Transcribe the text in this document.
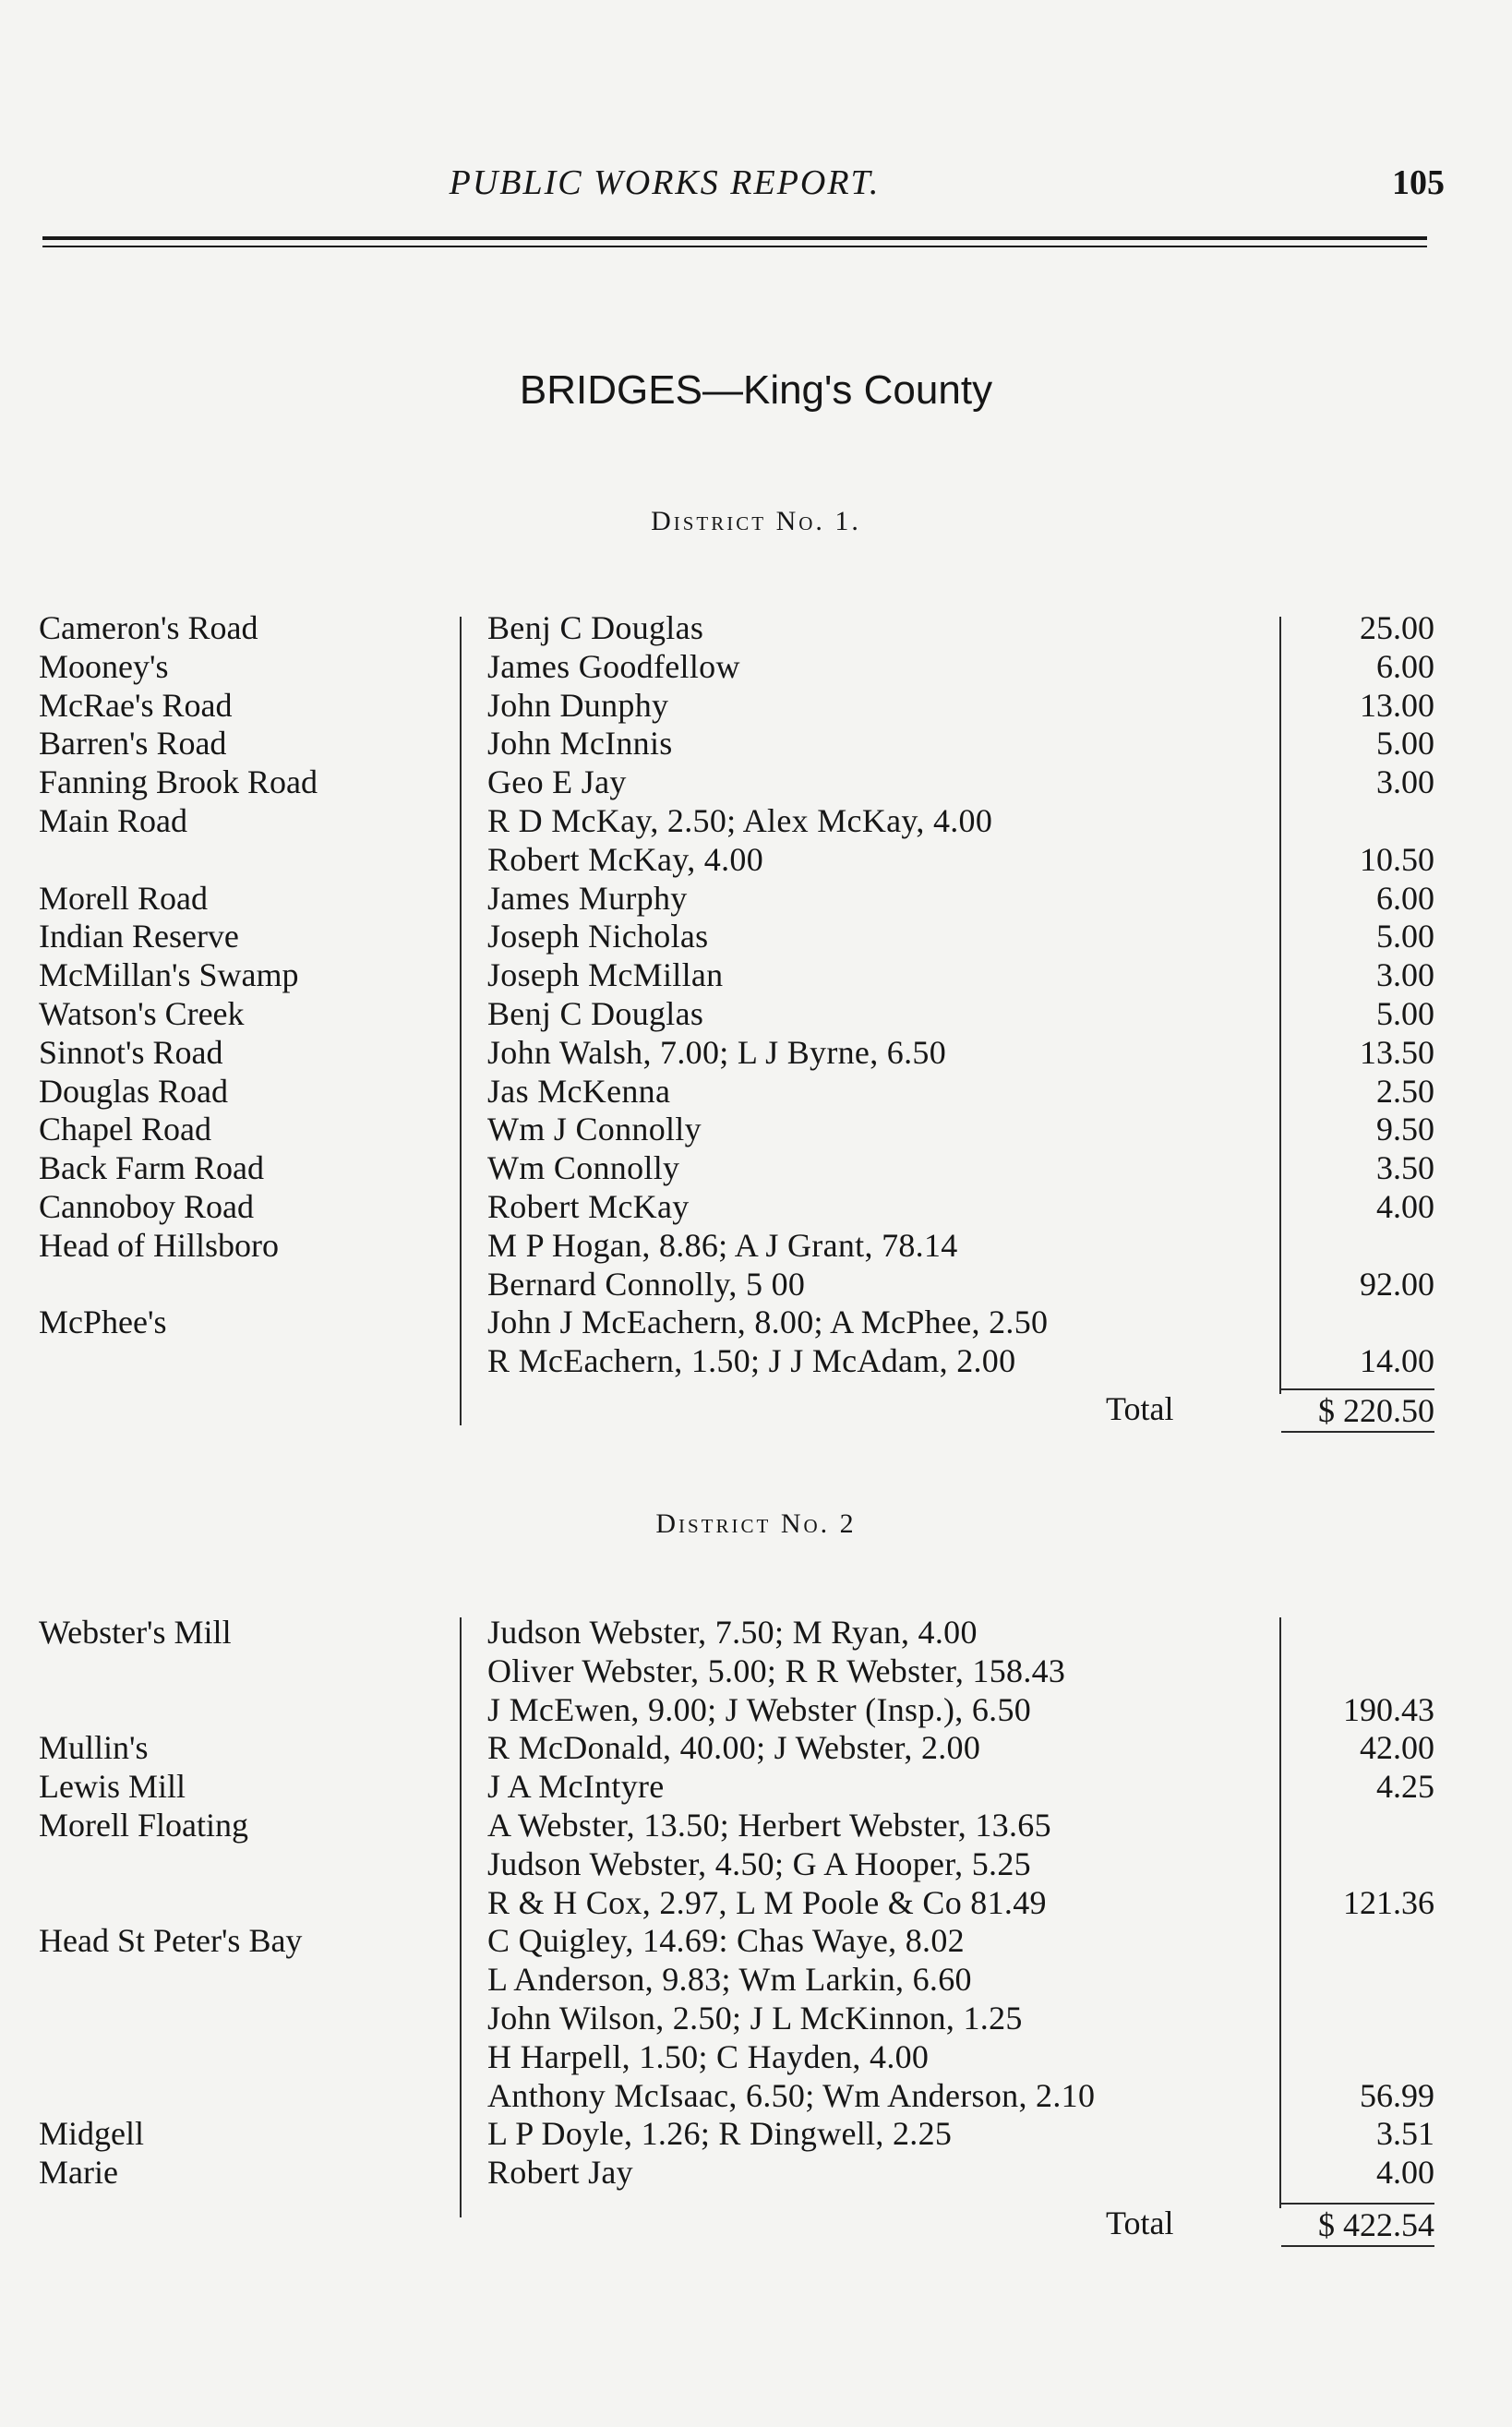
PUBLIC WORKS REPORT.	105
BRIDGES—King's County
District No. 1.
Cameron's Road	Benj C Douglas	25.00
Mooney's	James Goodfellow	6.00
McRae's Road	John Dunphy	13.00
Barren's Road	John McInnis	5.00
Fanning Brook Road	Geo E Jay	3.00
Main Road	R D McKay, 2.50; Alex McKay, 4.00
Robert McKay, 4.00	10.50
Morell Road	James Murphy	6.00
Indian Reserve	Joseph Nicholas	5.00
McMillan's Swamp	Joseph McMillan	3.00
Watson's Creek	Benj C Douglas	5.00
Sinnot's Road	John Walsh, 7.00; L J Byrne, 6.50	13.50
Douglas Road	Jas McKenna	2.50
Chapel Road	Wm J Connolly	9.50
Back Farm Road	Wm Connolly	3.50
Cannoboy Road	Robert McKay	4.00
Head of Hillsboro	M P Hogan, 8.86; A J Grant, 78.14
Bernard Connolly, 5 00	92.00
McPhee's	John J McEachern, 8.00; A McPhee, 2.50
R McEachern, 1.50; J J McAdam, 2.00	14.00
Total	$ 220.50
District No. 2
Webster's Mill	Judson Webster, 7.50; M Ryan, 4.00
Oliver Webster, 5.00; R R Webster, 158.43
J McEwen, 9.00; J Webster (Insp.), 6.50	190.43
Mullin's	R McDonald, 40.00; J Webster, 2.00	42.00
Lewis Mill	J A McIntyre	4.25
Morell Floating	A Webster, 13.50; Herbert Webster, 13.65
Judson Webster, 4.50; G A Hooper, 5.25
R & H Cox, 2.97, L M Poole & Co 81.49	121.36
Head St Peter's Bay	C Quigley, 14.69: Chas Waye, 8.02
L Anderson, 9.83; Wm Larkin, 6.60
John Wilson, 2.50; J L McKinnon, 1.25
H Harpell, 1.50; C Hayden, 4.00
Anthony McIsaac, 6.50; Wm Anderson, 2.10	56.99
Midgell	L P Doyle, 1.26; R Dingwell, 2.25	3.51
Marie	Robert Jay	4.00
Total	$ 422.54
